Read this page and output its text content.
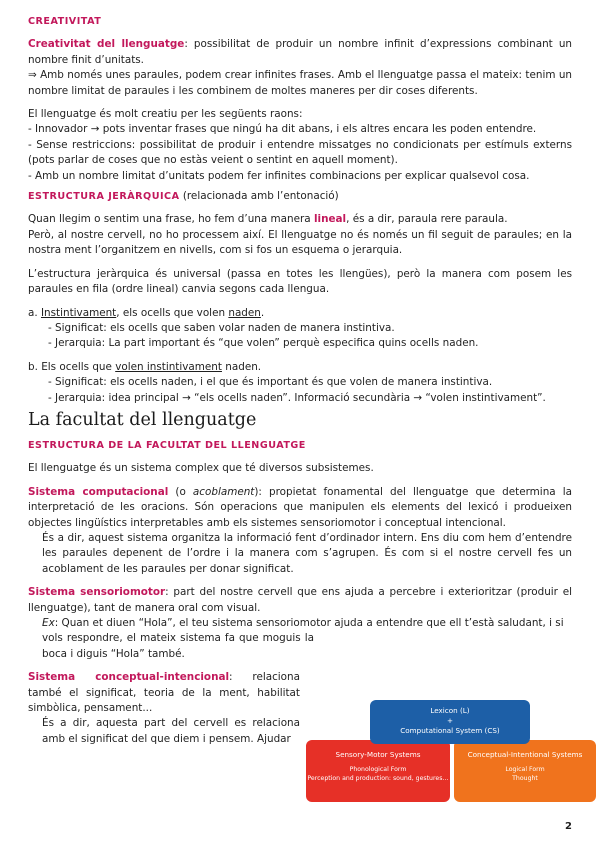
CREATIVITAT

Creativitat del llenguatge: possibilitat de produir un nombre infinit d’expressions combinant un nombre finit d’unitats.

⇒ Amb només unes paraules, podem crear infinites frases. Amb el llenguatge passa el mateix: tenim un nombre limitat de paraules i les combinem de moltes maneres per dir coses diferents.

El llenguatge és molt creatiu per les següents raons:

- Innovador → pots inventar frases que ningú ha dit abans, i els altres encara les poden entendre.

- Sense restriccions: possibilitat de produir i entendre missatges no condicionats per estímuls externs (pots parlar de coses que no estàs veient o sentint en aquell moment).

- Amb un nombre limitat d’unitats podem fer infinites combinacions per explicar qualsevol cosa.

ESTRUCTURA JERÀRQUICA (relacionada amb l’entonació)

Quan llegim o sentim una frase, ho fem d’una manera lineal, és a dir, paraula rere paraula.

Però, al nostre cervell, no ho processem així. El llenguatge no és només un fil seguit de paraules; en la nostra ment l’organitzem en nivells, com si fos un esquema o jerarquia.

L’estructura jeràrquica és universal (passa en totes les llengües), però la manera com posem les paraules en fila (ordre lineal) canvia segons cada llengua.

a. Instintivament, els ocells que volen naden.

- Significat: els ocells que saben volar naden de manera instintiva.

- Jerarquia: La part important és “que volen” perquè especifica quins ocells naden.

b. Els ocells que volen instintivament naden.

- Significat: els ocells naden, i el que és important és que volen de manera instintiva.

- Jerarquia: idea principal → “els ocells naden”. Informació secundària → “volen instintivament”.

La facultat del llenguatge

ESTRUCTURA DE LA FACULTAT DEL LLENGUATGE

El llenguatge és un sistema complex que té diversos subsistemes.

Sistema computacional (o acoblament): propietat fonamental del llenguatge que determina la interpretació de les oracions. Són operacions que manipulen els elements del lexicó i produeixen objectes lingüístics interpretables amb els sistemes sensoriomotor i conceptual intencional.

És a dir, aquest sistema organitza la informació fent d’ordinador intern. Ens diu com hem d’entendre les paraules depenent de l’ordre i la manera com s’agrupen. És com si el nostre cervell fes un acoblament de les paraules per donar significat.

Sistema sensoriomotor: part del nostre cervell que ens ajuda a percebre i exterioritzar (produir el llenguatge), tant de manera oral com visual.

Ex: Quan et diuen “Hola”, el teu sistema sensoriomotor ajuda a entendre que ell t’està saludant, i si

vols respondre, el mateix sistema fa que moguis la boca i diguis “Hola” també.

Sistema conceptual-intencional: relaciona també el significat, teoria de la ment, habilitat simbòlica, pensament...

És a dir, aquesta part del cervell es relaciona amb el significat del que diem i pensem. Ajudar

Sensory-Motor Systems
Phonological Form
Perception and production: sound, gestures…
Conceptual-Intentional Systems
Logical Form
Thought
Lexicon (L)
+
Computational System (CS)
2
